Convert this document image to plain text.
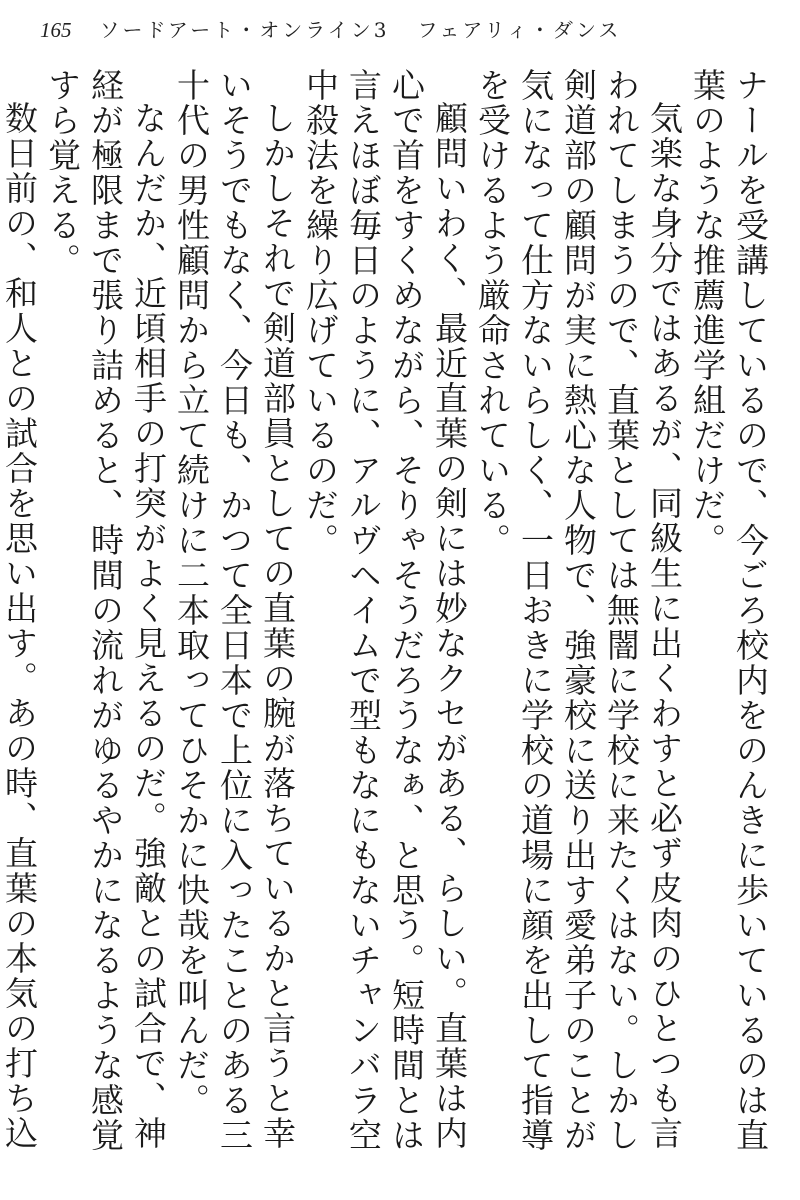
165 ソードアート・オンライン3 フェアリィ・ダンス

ナールを受講しているので、今ごろ校内をのんきに歩いているのは直葉のような推薦進学組だけだ。

気楽な身分ではあるが、同級生に出くわすと必ず皮肉のひとつも言われてしまうので、直葉としては無闇に学校に来たくはない。しかし剣道部の顧問が実に熱心な人物で、強豪校に送り出す愛弟子のことが気になって仕方ないらしく、一日おきに学校の道場に顔を出して指導を受けるよう厳命されている。

顧問いわく、最近直葉の剣には妙なクセがある、らしい。直葉は内心で首をすくめながら、そりゃそうだろうなぁ、と思う。短時間とは言えほぼ毎日のように、アルヴヘイムで型もなにもないチャンバラ空中殺法を繰り広げているのだ。

しかしそれで剣道部員としての直葉の腕が落ちているかと言うと幸いそうでもなく、今日も、かつて全日本で上位に入ったことのある三十代の男性顧問から立て続けに二本取ってひそかに快哉を叫んだ。

なんだか、近頃相手の打突がよく見えるのだ。強敵との試合で、神経が極限まで張り詰めると、時間の流れがゆるやかになるような感覚すら覚える。

数日前の、和人との試合を思い出す。あの時、直葉の本気の打ち込
